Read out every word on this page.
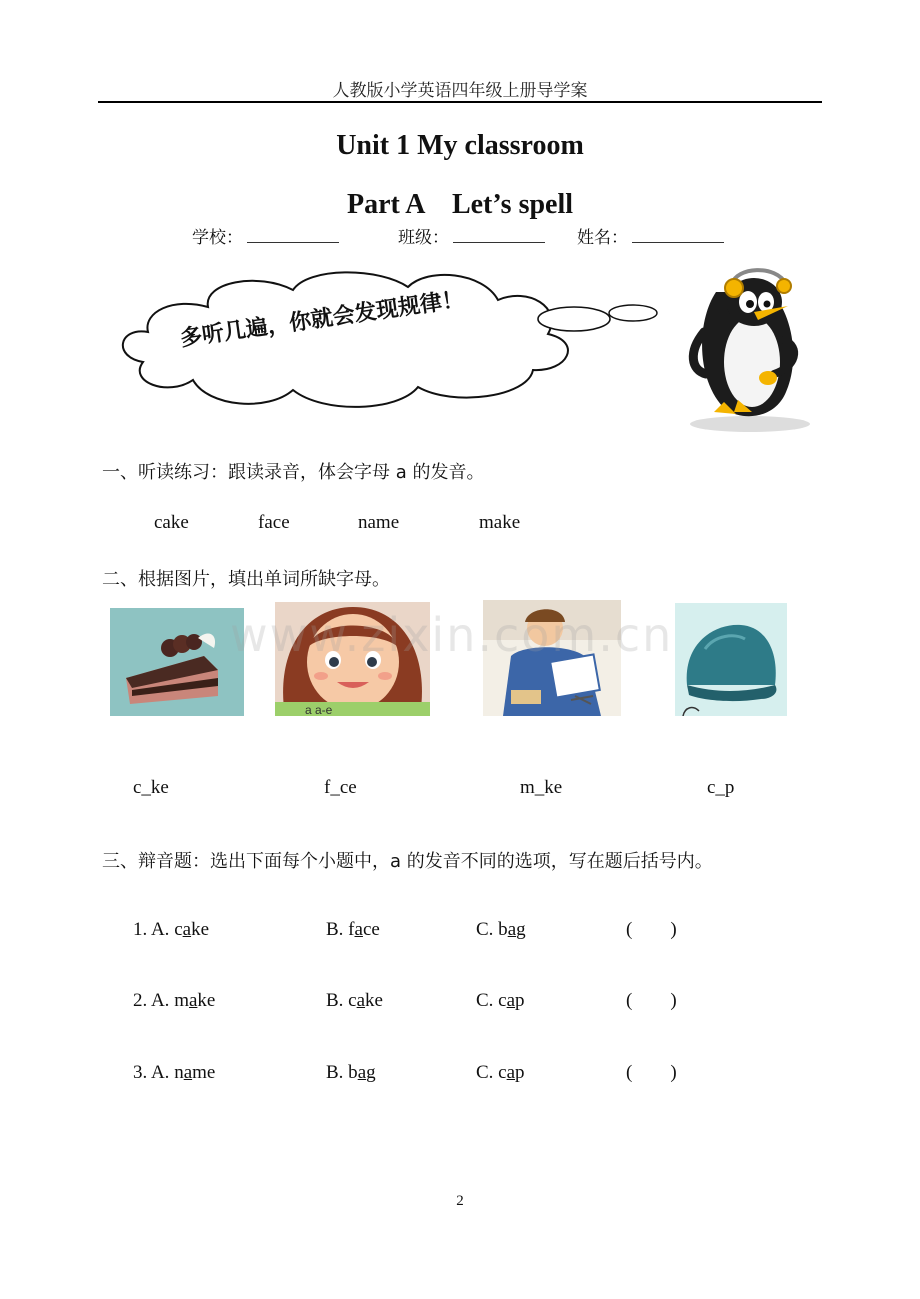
人教版小学英语四年级上册导学案
Unit 1 My classroom
Part A    Let’s spell
学校：	班级：	姓名：
多听几遍，你就会发现规律！
一、听读练习：跟读录音，体会字母 a 的发音。
cake	face	name	make
二、根据图片，填出单词所缺字母。
a a-e
www.zixin.com.cn
c_ke	f_ce	m_ke	c_p
三、辩音题：选出下面每个小题中，a 的发音不同的选项，写在题后括号内。
1. A. cake	B. face	C. bag	(        )
2. A. make	B. cake	C. cap	(        )
3. A. name	B. bag	C. cap	(        )
2
